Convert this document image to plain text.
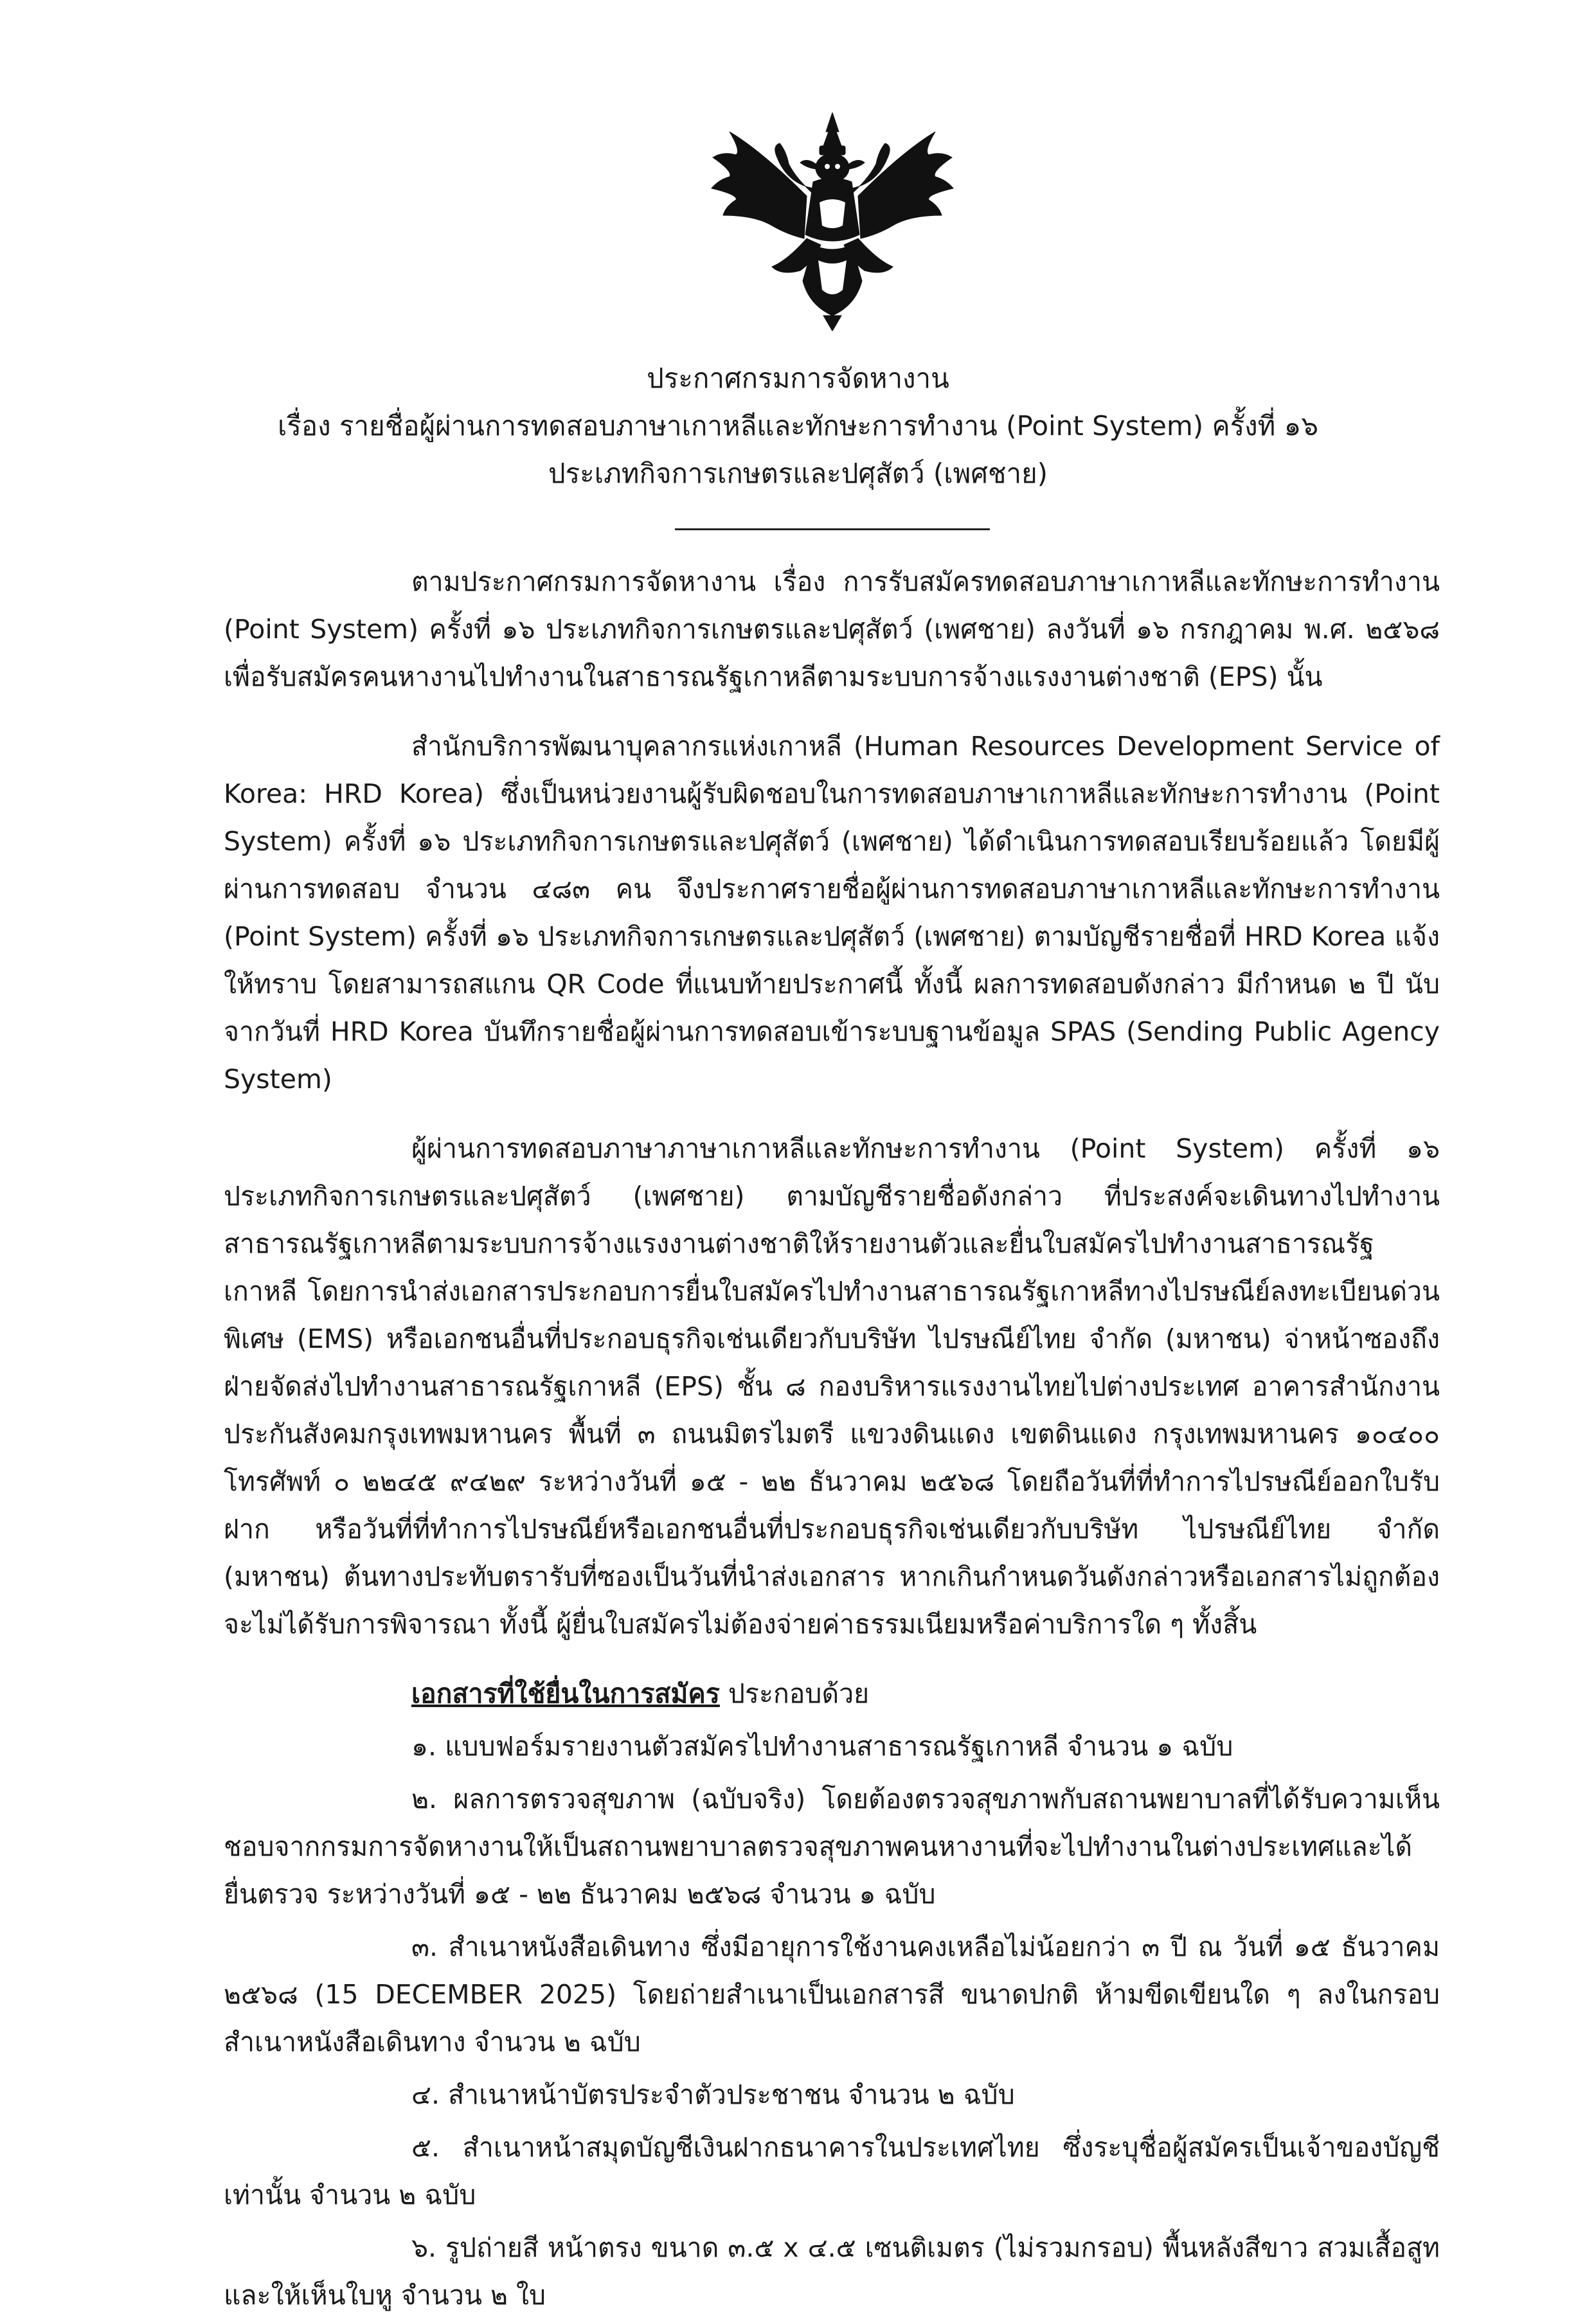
ประกาศกรมการจัดหางาน
เรื่อง รายชื่อผู้ผ่านการทดสอบภาษาเกาหลีและทักษะการทำงาน (Point System) ครั้งที่ ๑๖
ประเภทกิจการเกษตรและปศุสัตว์ (เพศชาย)

ตามประกาศกรมการจัดหางาน เรื่อง การรับสมัครทดสอบภาษาเกาหลีและทักษะการทำงาน (Point System) ครั้งที่ ๑๖ ประเภทกิจการเกษตรและปศุสัตว์ (เพศชาย) ลงวันที่ ๑๖ กรกฎาคม พ.ศ. ๒๕๖๘ เพื่อรับสมัครคนหางานไปทำงานในสาธารณรัฐเกาหลีตามระบบการจ้างแรงงานต่างชาติ (EPS) นั้น

สำนักบริการพัฒนาบุคลากรแห่งเกาหลี (Human Resources Development Service of Korea: HRD Korea) ซึ่งเป็นหน่วยงานผู้รับผิดชอบในการทดสอบภาษาเกาหลีและทักษะการทำงาน (Point System) ครั้งที่ ๑๖ ประเภทกิจการเกษตรและปศุสัตว์ (เพศชาย) ได้ดำเนินการทดสอบเรียบร้อยแล้ว โดยมีผู้ผ่านการทดสอบ จำนวน ๔๘๓ คน จึงประกาศรายชื่อผู้ผ่านการทดสอบภาษาเกาหลีและทักษะการทำงาน (Point System) ครั้งที่ ๑๖ ประเภทกิจการเกษตรและปศุสัตว์ (เพศชาย) ตามบัญชีรายชื่อที่ HRD Korea แจ้งให้ทราบ โดยสามารถสแกน QR Code ที่แนบท้ายประกาศนี้ ทั้งนี้ ผลการทดสอบดังกล่าว มีกำหนด ๒ ปี นับจากวันที่ HRD Korea บันทึกรายชื่อผู้ผ่านการทดสอบเข้าระบบฐานข้อมูล SPAS (Sending Public Agency System)

ผู้ผ่านการทดสอบภาษาภาษาเกาหลีและทักษะการทำงาน (Point System) ครั้งที่ ๑๖ ประเภทกิจการเกษตรและปศุสัตว์ (เพศชาย) ตามบัญชีรายชื่อดังกล่าว ที่ประสงค์จะเดินทางไปทำงานสาธารณรัฐเกาหลีตามระบบการจ้างแรงงานต่างชาติให้รายงานตัวและยื่นใบสมัครไปทำงานสาธารณรัฐเกาหลี โดยการนำส่งเอกสารประกอบการยื่นใบสมัครไปทำงานสาธารณรัฐเกาหลีทางไปรษณีย์ลงทะเบียนด่วนพิเศษ (EMS) หรือเอกชนอื่นที่ประกอบธุรกิจเช่นเดียวกับบริษัท ไปรษณีย์ไทย จำกัด (มหาชน) จ่าหน้าซองถึง ฝ่ายจัดส่งไปทำงานสาธารณรัฐเกาหลี (EPS) ชั้น ๘ กองบริหารแรงงานไทยไปต่างประเทศ อาคารสำนักงานประกันสังคมกรุงเทพมหานคร พื้นที่ ๓ ถนนมิตรไมตรี แขวงดินแดง เขตดินแดง กรุงเทพมหานคร ๑๐๔๐๐ โทรศัพท์ ๐ ๒๒๔๕ ๙๔๒๙ ระหว่างวันที่ ๑๕ - ๒๒ ธันวาคม ๒๕๖๘ โดยถือวันที่ที่ทำการไปรษณีย์ออกใบรับฝาก หรือวันที่ที่ทำการไปรษณีย์หรือเอกชนอื่นที่ประกอบธุรกิจเช่นเดียวกับบริษัท ไปรษณีย์ไทย จำกัด (มหาชน) ต้นทางประทับตรารับที่ซองเป็นวันที่นำส่งเอกสาร หากเกินกำหนดวันดังกล่าวหรือเอกสารไม่ถูกต้องจะไม่ได้รับการพิจารณา ทั้งนี้ ผู้ยื่นใบสมัครไม่ต้องจ่ายค่าธรรมเนียมหรือค่าบริการใด ๆ ทั้งสิ้น

เอกสารที่ใช้ยื่นในการสมัคร ประกอบด้วย

๑. แบบฟอร์มรายงานตัวสมัครไปทำงานสาธารณรัฐเกาหลี จำนวน ๑ ฉบับ

๒. ผลการตรวจสุขภาพ (ฉบับจริง) โดยต้องตรวจสุขภาพกับสถานพยาบาลที่ได้รับความเห็นชอบจากกรมการจัดหางานให้เป็นสถานพยาบาลตรวจสุขภาพคนหางานที่จะไปทำงานในต่างประเทศและได้ยื่นตรวจ ระหว่างวันที่ ๑๕ - ๒๒ ธันวาคม ๒๕๖๘ จำนวน ๑ ฉบับ

๓. สำเนาหนังสือเดินทาง ซึ่งมีอายุการใช้งานคงเหลือไม่น้อยกว่า ๓ ปี ณ วันที่ ๑๕ ธันวาคม ๒๕๖๘ (15 DECEMBER 2025) โดยถ่ายสำเนาเป็นเอกสารสี ขนาดปกติ ห้ามขีดเขียนใด ๆ ลงในกรอบสำเนาหนังสือเดินทาง จำนวน ๒ ฉบับ

๔. สำเนาหน้าบัตรประจำตัวประชาชน จำนวน ๒ ฉบับ

๕. สำเนาหน้าสมุดบัญชีเงินฝากธนาคารในประเทศไทย ซึ่งระบุชื่อผู้สมัครเป็นเจ้าของบัญชีเท่านั้น จำนวน ๒ ฉบับ

๖. รูปถ่ายสี หน้าตรง ขนาด ๓.๕ x ๔.๕ เซนติเมตร (ไม่รวมกรอบ) พื้นหลังสีขาว สวมเสื้อสูท และให้เห็นใบหู จำนวน ๒ ใบ
